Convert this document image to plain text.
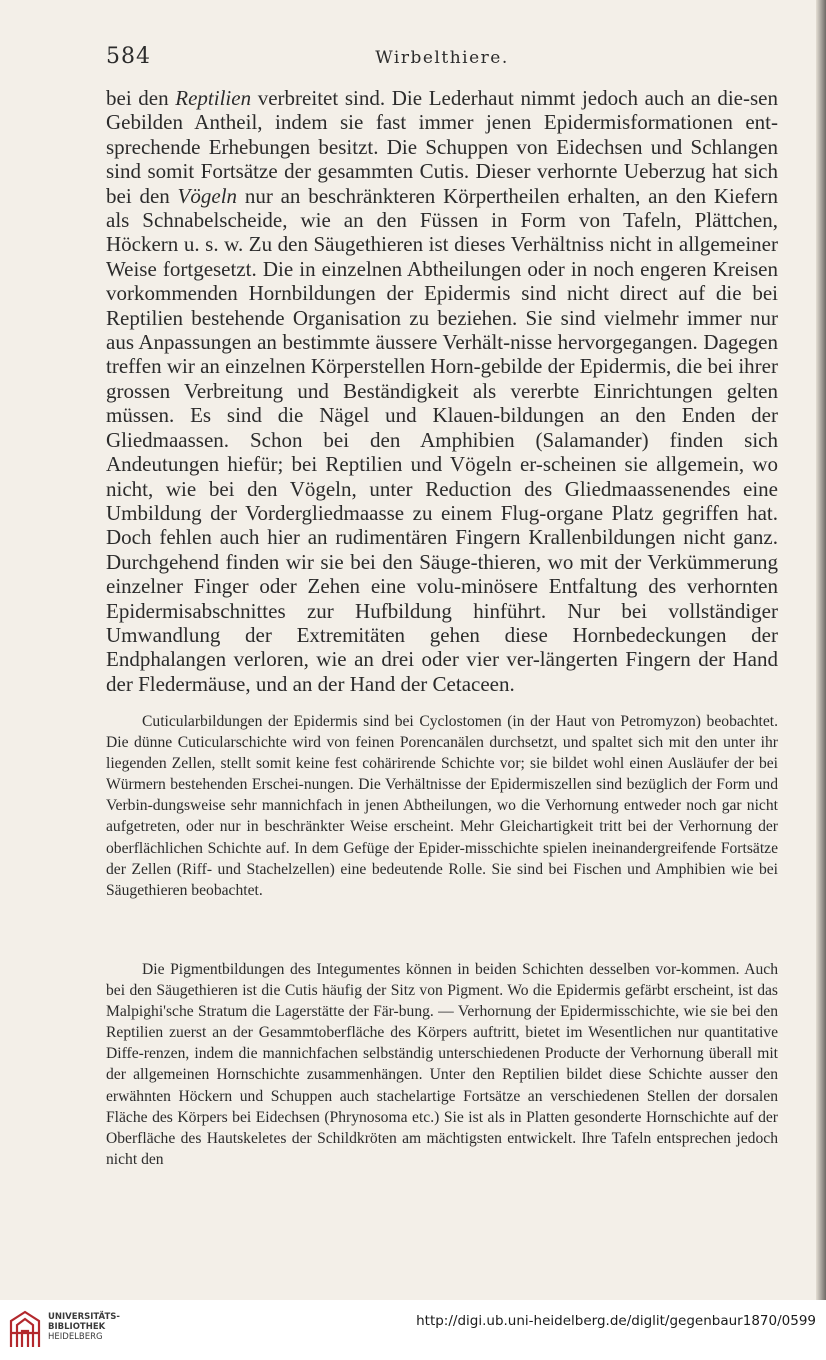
584	Wirbelthiere.

bei den Reptilien verbreitet sind. Die Lederhaut nimmt jedoch auch an die-sen Gebilden Antheil, indem sie fast immer jenen Epidermisformationen ent-sprechende Erhebungen besitzt. Die Schuppen von Eidechsen und Schlangen sind somit Fortsätze der gesammten Cutis. Dieser verhornte Ueberzug hat sich bei den Vögeln nur an beschränkteren Körpertheilen erhalten, an den Kiefern als Schnabelscheide, wie an den Füssen in Form von Tafeln, Plättchen, Höckern u. s. w. Zu den Säugethieren ist dieses Verhältniss nicht in allgemeiner Weise fortgesetzt. Die in einzelnen Abtheilungen oder in noch engeren Kreisen vorkommenden Hornbildungen der Epidermis sind nicht direct auf die bei Reptilien bestehende Organisation zu beziehen. Sie sind vielmehr immer nur aus Anpassungen an bestimmte äussere Verhält-nisse hervorgegangen. Dagegen treffen wir an einzelnen Körperstellen Horn-gebilde der Epidermis, die bei ihrer grossen Verbreitung und Beständigkeit als vererbte Einrichtungen gelten müssen. Es sind die Nägel und Klauen-bildungen an den Enden der Gliedmaassen. Schon bei den Amphibien (Salamander) finden sich Andeutungen hiefür; bei Reptilien und Vögeln er-scheinen sie allgemein, wo nicht, wie bei den Vögeln, unter Reduction des Gliedmaassenendes eine Umbildung der Vordergliedmaasse zu einem Flug-organe Platz gegriffen hat. Doch fehlen auch hier an rudimentären Fingern Krallenbildungen nicht ganz. Durchgehend finden wir sie bei den Säuge-thieren, wo mit der Verkümmerung einzelner Finger oder Zehen eine volu-minösere Entfaltung des verhornten Epidermisabschnittes zur Hufbildung hinführt. Nur bei vollständiger Umwandlung der Extremitäten gehen diese Hornbedeckungen der Endphalangen verloren, wie an drei oder vier ver-längerten Fingern der Hand der Fledermäuse, und an der Hand der Cetaceen.

Cuticularbildungen der Epidermis sind bei Cyclostomen (in der Haut von Petromyzon) beobachtet. Die dünne Cuticularschichte wird von feinen Porencanälen durchsetzt, und spaltet sich mit den unter ihr liegenden Zellen, stellt somit keine fest cohärirende Schichte vor; sie bildet wohl einen Ausläufer der bei Würmern bestehenden Erschei-nungen. Die Verhältnisse der Epidermiszellen sind bezüglich der Form und Verbin-dungsweise sehr mannichfach in jenen Abtheilungen, wo die Verhornung entweder noch gar nicht aufgetreten, oder nur in beschränkter Weise erscheint. Mehr Gleichartigkeit tritt bei der Verhornung der oberflächlichen Schichte auf. In dem Gefüge der Epider-misschichte spielen ineinandergreifende Fortsätze der Zellen (Riff- und Stachelzellen) eine bedeutende Rolle. Sie sind bei Fischen und Amphibien wie bei Säugethieren beobachtet.

Die Pigmentbildungen des Integumentes können in beiden Schichten desselben vor-kommen. Auch bei den Säugethieren ist die Cutis häufig der Sitz von Pigment. Wo die Epidermis gefärbt erscheint, ist das Malpighi'sche Stratum die Lagerstätte der Fär-bung. — Verhornung der Epidermisschichte, wie sie bei den Reptilien zuerst an der Gesammtoberfläche des Körpers auftritt, bietet im Wesentlichen nur quantitative Diffe-renzen, indem die mannichfachen selbständig unterschiedenen Producte der Verhornung überall mit der allgemeinen Hornschichte zusammenhängen. Unter den Reptilien bildet diese Schichte ausser den erwähnten Höckern und Schuppen auch stachelartige Fortsätze an verschiedenen Stellen der dorsalen Fläche des Körpers bei Eidechsen (Phrynosoma etc.) Sie ist als in Platten gesonderte Hornschichte auf der Oberfläche des Hautskeletes der Schildkröten am mächtigsten entwickelt. Ihre Tafeln entsprechen jedoch nicht den

UNIVERSITÄTS-
BIBLIOTHEK
HEIDELBERG
http://digi.ub.uni-heidelberg.de/diglit/gegenbaur1870/0599
